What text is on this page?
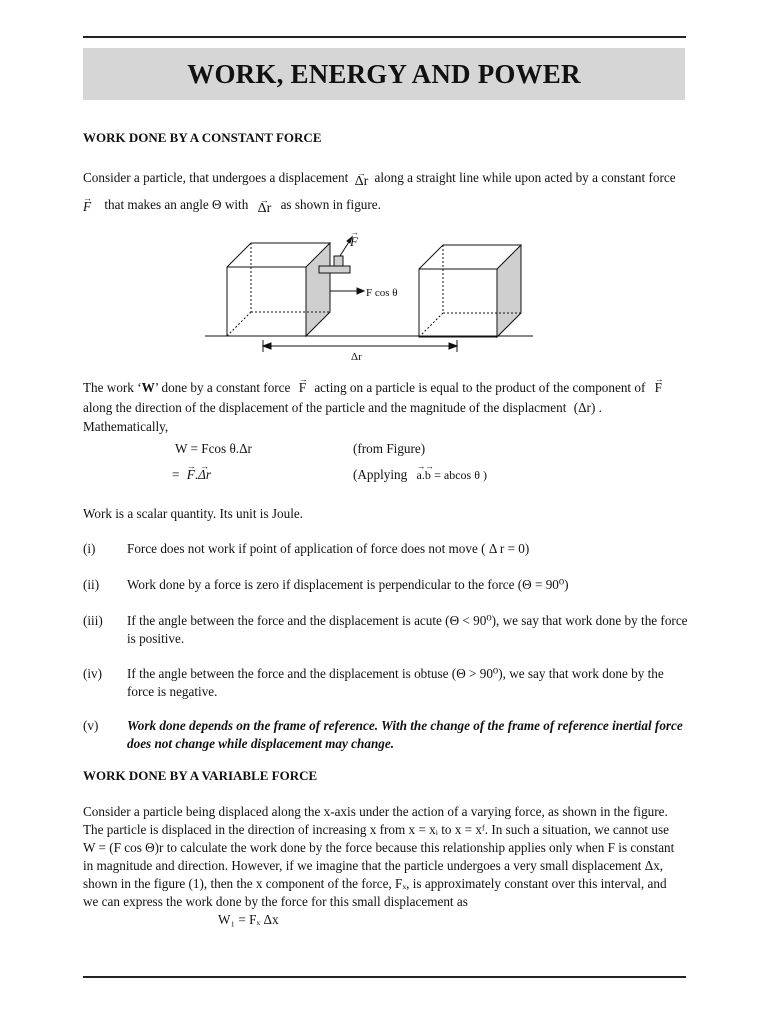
WORK, ENERGY AND POWER
WORK DONE BY A CONSTANT FORCE
Consider a particle, that undergoes a displacement → Δr along a straight line while upon acted by a constant force
→ F that makes an angle Θ with → Δr as shown in figure.
F
→
F cos θ
Δr
The work ‘W’ done by a constant force → F acting on a particle is equal to the product of the component of → F
along the direction of the displacement of the particle and the magnitude of the displacment (Δr) .
Mathematically,
W = Fcos θ.Δr	(from Figure)
= → F.→ Δr	(Applying → a.→ b = abcos θ )
Work is a scalar quantity. Its unit is Joule.
(i) Force does not work if point of application of force does not move ( Δ r = 0)
(ii) Work done by a force is zero if displacement is perpendicular to the force (Θ = 90⁰)
(iii) If the angle between the force and the displacement is acute (Θ < 90⁰), we say that work done by the force is positive.
(iv) If the angle between the force and the displacement is obtuse (Θ > 90⁰), we say that work done by the force is negative.
(v) Work done depends on the frame of reference. With the change of the frame of reference inertial force does not change while displacement may change.
WORK DONE BY A VARIABLE FORCE
Consider a particle being displaced along the x-axis under the action of a varying force, as shown in the figure.
The particle is displaced in the direction of increasing x from x = xᵢ to x = xᶠ. In such a situation, we cannot use
W = (F cos Θ)r to calculate the work done by the force because this relationship applies only when F is constant
in magnitude and direction. However, if we imagine that the particle undergoes a very small displacement Δx,
shown in the figure (1), then the x component of the force, Fₓ, is approximately constant over this interval, and
we can express the work done by the force for this small displacement as
W₁ = Fₓ Δx
